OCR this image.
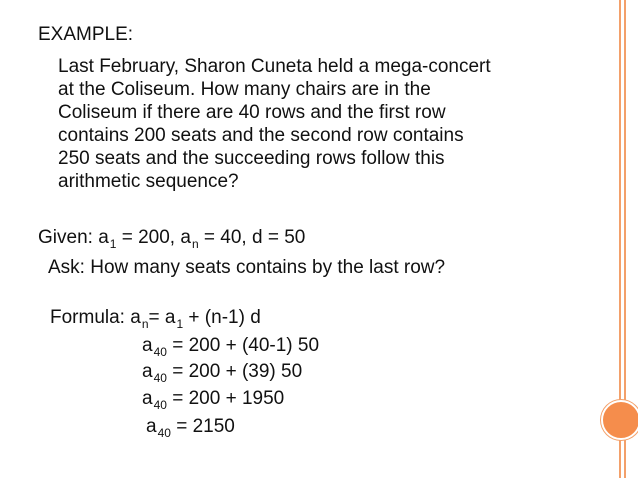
EXAMPLE:
Last February, Sharon Cuneta held a mega-concert
at the Coliseum. How many chairs are in the
Coliseum if there are 40 rows and the first row
contains 200 seats and the second row contains
250 seats and the succeeding rows follow this
arithmetic sequence?
Given: $a_1 = 200$, $a_n = 40$, d = 50
Ask: How many seats contains by the last row?
Formula: $a_n= a_1 + (n-1)$ d
$a_{40} = 200 + (40-1)$ 50
$a_{40} = 200 + (39)$ 50
$a_{40} = 200 + 1950$
$a_{40} = 2150$
